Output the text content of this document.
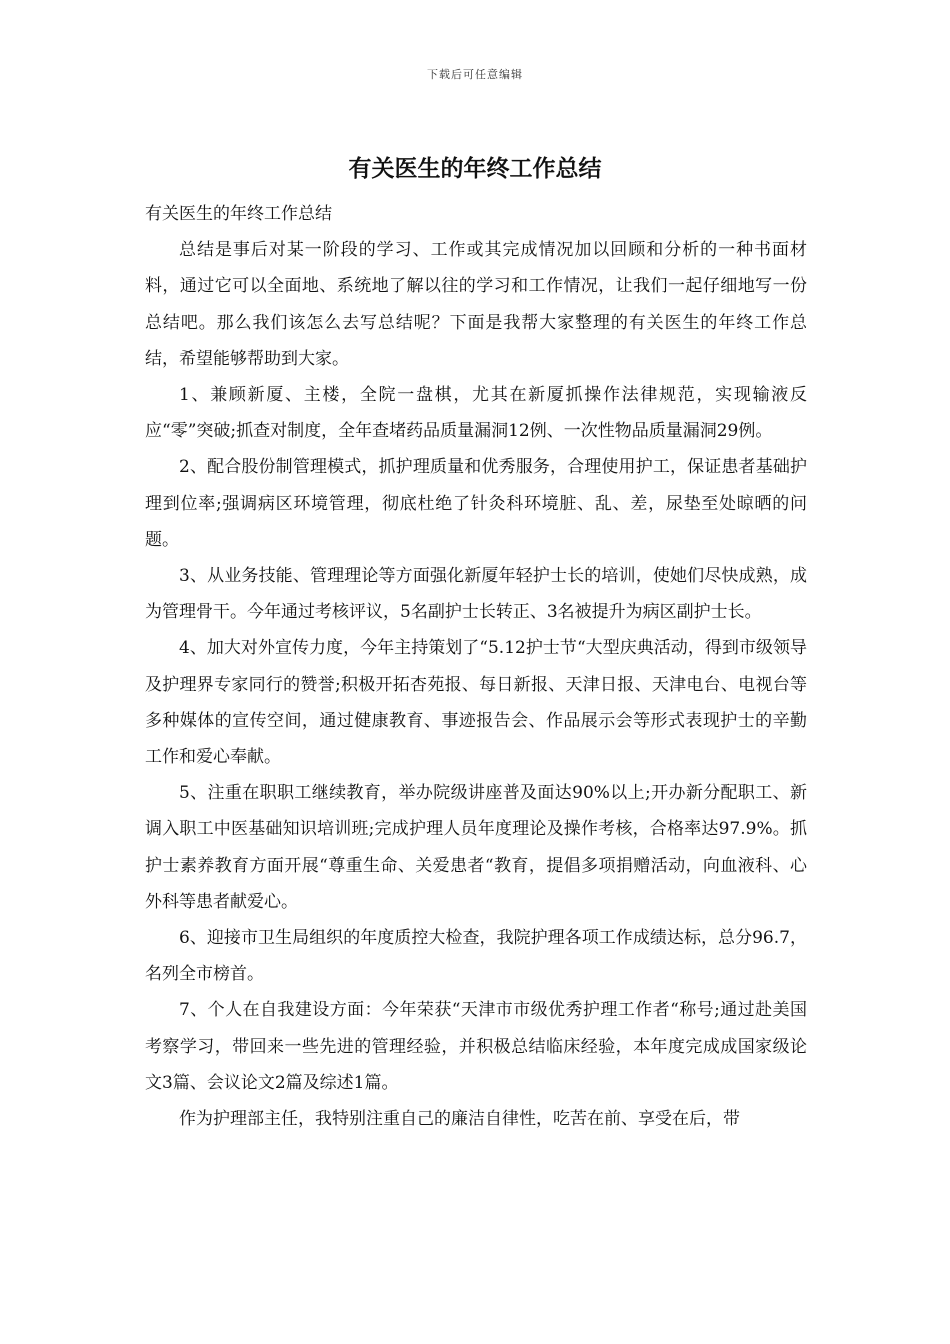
下载后可任意编辑
有关医生的年终工作总结

有关医生的年终工作总结

总结是事后对某一阶段的学习、工作或其完成情况加以回顾和分析的一种书面材料，通过它可以全面地、系统地了解以往的学习和工作情况，让我们一起仔细地写一份总结吧。那么我们该怎么去写总结呢？下面是我帮大家整理的有关医生的年终工作总结，希望能够帮助到大家。

1、兼顾新厦、主楼，全院一盘棋，尤其在新厦抓操作法律规范，实现输液反应“零”突破;抓查对制度，全年查堵药品质量漏洞12例、一次性物品质量漏洞29例。

2、配合股份制管理模式，抓护理质量和优秀服务，合理使用护工，保证患者基础护理到位率;强调病区环境管理，彻底杜绝了针灸科环境脏、乱、差，尿垫至处晾晒的问题。

3、从业务技能、管理理论等方面强化新厦年轻护士长的培训，使她们尽快成熟，成为管理骨干。今年通过考核评议，5名副护士长转正、3名被提升为病区副护士长。

4、加大对外宣传力度，今年主持策划了“5.12护士节“大型庆典活动，得到市级领导及护理界专家同行的赞誉;积极开拓杏苑报、每日新报、天津日报、天津电台、电视台等多种媒体的宣传空间，通过健康教育、事迹报告会、作品展示会等形式表现护士的辛勤工作和爱心奉献。

5、注重在职职工继续教育，举办院级讲座普及面达90%以上;开办新分配职工、新调入职工中医基础知识培训班;完成护理人员年度理论及操作考核，合格率达97.9%。抓护士素养教育方面开展“尊重生命、关爱患者“教育，提倡多项捐赠活动，向血液科、心外科等患者献爱心。

6、迎接市卫生局组织的年度质控大检查，我院护理各项工作成绩达标，总分96.7，名列全市榜首。

7、个人在自我建设方面：今年荣获“天津市市级优秀护理工作者“称号;通过赴美国考察学习，带回来一些先进的管理经验，并积极总结临床经验，本年度完成成国家级论文3篇、会议论文2篇及综述1篇。

作为护理部主任，我特别注重自己的廉洁自律性，吃苦在前、享受在后，带
